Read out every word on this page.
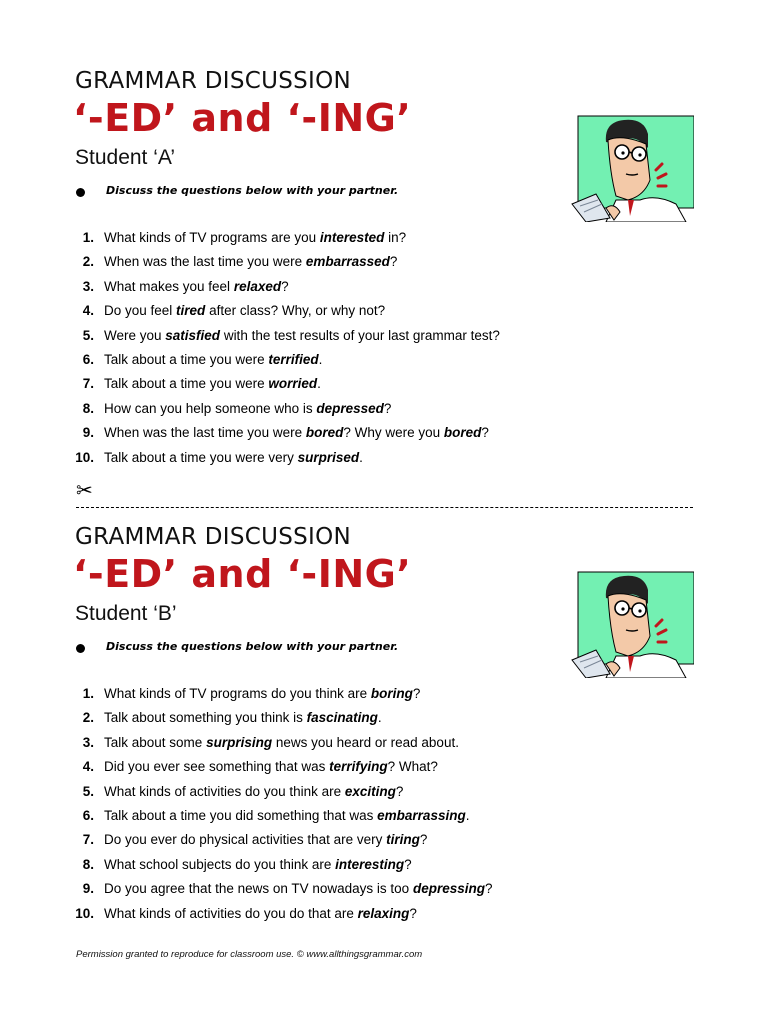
GRAMMAR DISCUSSION
‘-ED’ and ‘-ING’
Student ‘A’
Discuss the questions below with your partner.
1. What kinds of TV programs are you interested in?
2. When was the last time you were embarrassed?
3. What makes you feel relaxed?
4. Do you feel tired after class? Why, or why not?
5. Were you satisfied with the test results of your last grammar test?
6. Talk about a time you were terrified.
7. Talk about a time you were worried.
8. How can you help someone who is depressed?
9. When was the last time you were bored? Why were you bored?
10. Talk about a time you were very surprised.
✂
GRAMMAR DISCUSSION
‘-ED’ and ‘-ING’
Student ‘B’
Discuss the questions below with your partner.
1. What kinds of TV programs do you think are boring?
2. Talk about something you think is fascinating.
3. Talk about some surprising news you heard or read about.
4. Did you ever see something that was terrifying? What?
5. What kinds of activities do you think are exciting?
6. Talk about a time you did something that was embarrassing.
7. Do you ever do physical activities that are very tiring?
8. What school subjects do you think are interesting?
9. Do you agree that the news on TV nowadays is too depressing?
10. What kinds of activities do you do that are relaxing?
Permission granted to reproduce for classroom use. © www.allthingsgrammar.com
